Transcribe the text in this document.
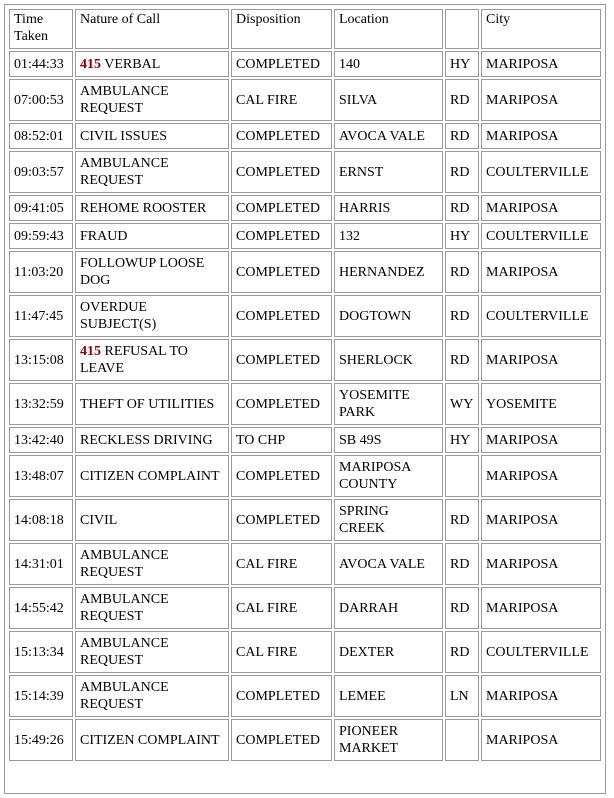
Time Taken	Nature of Call	Disposition	Location		City
01:44:33	415 VERBAL	COMPLETED	140	HY	MARIPOSA
07:00:53	AMBULANCE REQUEST	CAL FIRE	SILVA	RD	MARIPOSA
08:52:01	CIVIL ISSUES	COMPLETED	AVOCA VALE	RD	MARIPOSA
09:03:57	AMBULANCE REQUEST	COMPLETED	ERNST	RD	COULTERVILLE
09:41:05	REHOME ROOSTER	COMPLETED	HARRIS	RD	MARIPOSA
09:59:43	FRAUD	COMPLETED	132	HY	COULTERVILLE
11:03:20	FOLLOWUP LOOSE DOG	COMPLETED	HERNANDEZ	RD	MARIPOSA
11:47:45	OVERDUE SUBJECT(S)	COMPLETED	DOGTOWN	RD	COULTERVILLE
13:15:08	415 REFUSAL TO LEAVE	COMPLETED	SHERLOCK	RD	MARIPOSA
13:32:59	THEFT OF UTILITIES	COMPLETED	YOSEMITE PARK	WY	YOSEMITE
13:42:40	RECKLESS DRIVING	TO CHP	SB 49S	HY	MARIPOSA
13:48:07	CITIZEN COMPLAINT	COMPLETED	MARIPOSA COUNTY		MARIPOSA
14:08:18	CIVIL	COMPLETED	SPRING CREEK	RD	MARIPOSA
14:31:01	AMBULANCE REQUEST	CAL FIRE	AVOCA VALE	RD	MARIPOSA
14:55:42	AMBULANCE REQUEST	CAL FIRE	DARRAH	RD	MARIPOSA
15:13:34	AMBULANCE REQUEST	CAL FIRE	DEXTER	RD	COULTERVILLE
15:14:39	AMBULANCE REQUEST	COMPLETED	LEMEE	LN	MARIPOSA
15:49:26	CITIZEN COMPLAINT	COMPLETED	PIONEER MARKET		MARIPOSA
